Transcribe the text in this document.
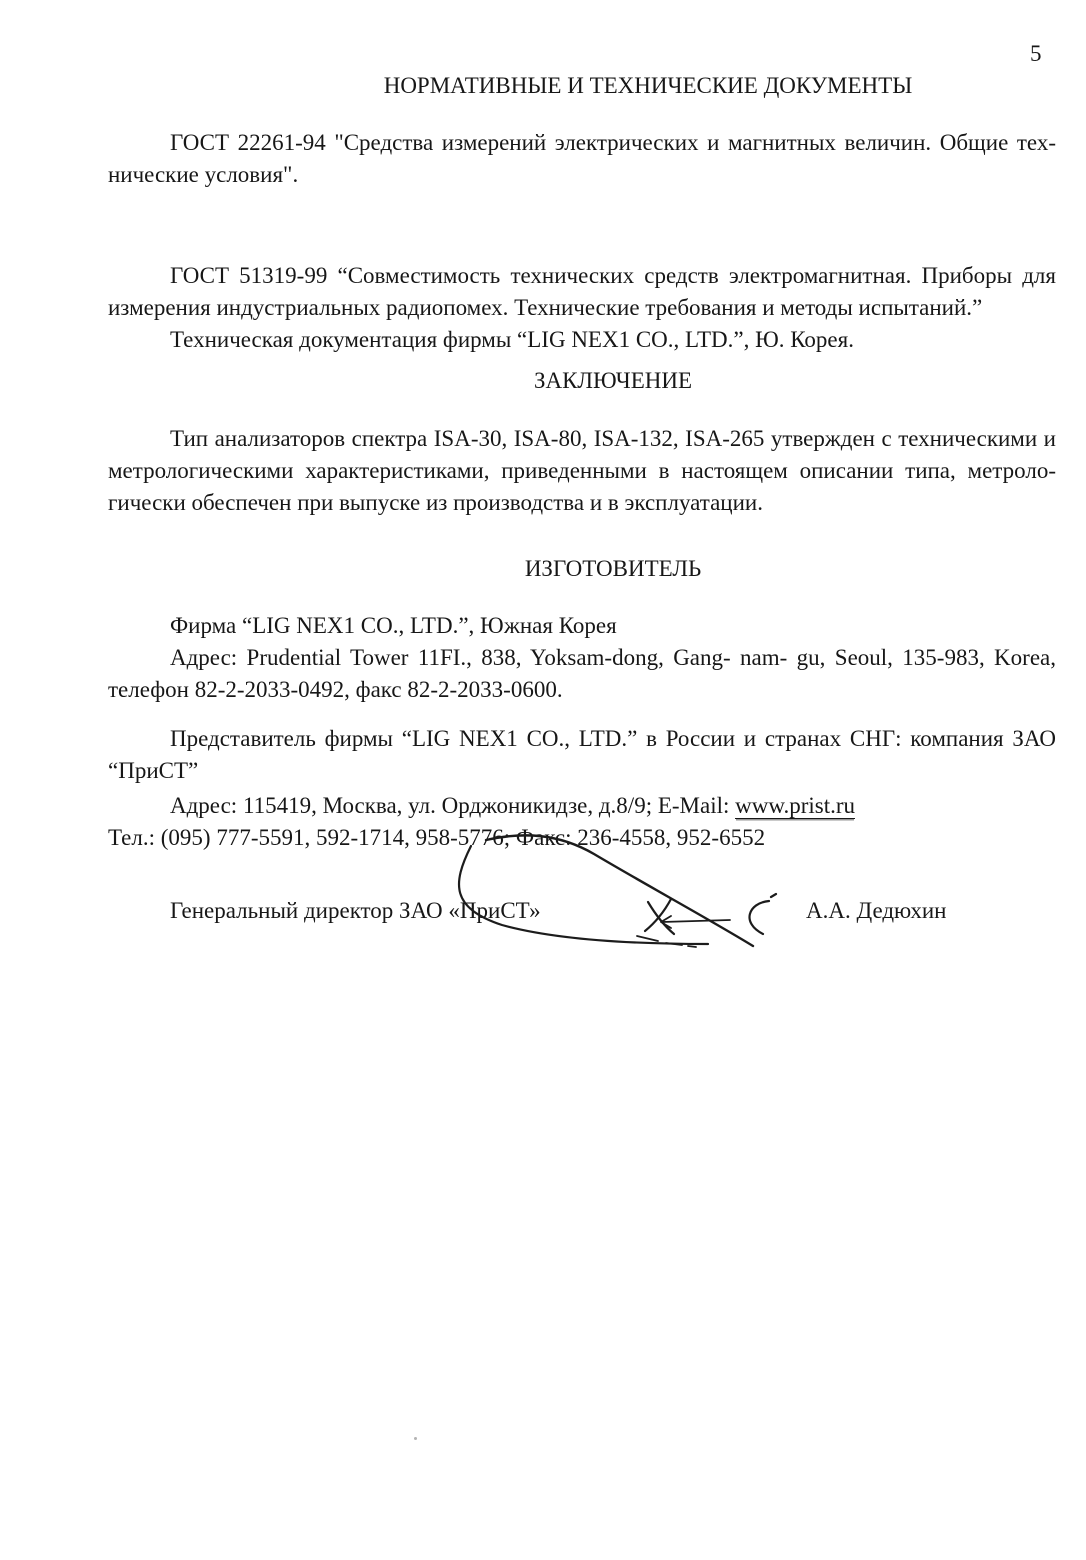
5
НОРМАТИВНЫЕ И ТЕХНИЧЕСКИЕ ДОКУМЕНТЫ

ГОСТ 22261-94 "Средства измерений электрических и магнитных величин. Общие технические условия".

ГОСТ 51319-99 “Совместимость технических средств электромагнитная. Приборы для измерения индустриальных радиопомех. Технические требования и методы испытаний.”

Техническая документация фирмы “LIG NEX1 CO., LTD.”, Ю. Корея.

ЗАКЛЮЧЕНИЕ

Тип анализаторов спектра ISA-30, ISA-80, ISA-132, ISA-265 утвержден с техническими и метрологическими характеристиками, приведенными в настоящем описании типа, метрологически обеспечен при выпуске из производства и в эксплуатации.

ИЗГОТОВИТЕЛЬ

Фирма “LIG NEX1 CO., LTD.”, Южная Корея

Адрес: Prudential Tower 11FI., 838, Yoksam-dong, Gang- nam- gu, Seoul, 135-983, Korea, телефон 82-2-2033-0492, факс 82-2-2033-0600.

Представитель фирмы “LIG NEX1 CO., LTD.” в России и странах СНГ: компания ЗАО “ПриСТ”

Адрес: 115419, Москва, ул. Орджоникидзе, д.8/9; E-Mail: www.prist.ru

Тел.: (095) 777-5591, 592-1714, 958-5776; Факс: 236-4558, 952-6552

Генеральный директор ЗАО «ПриСТ»	А.А. Дедюхин
